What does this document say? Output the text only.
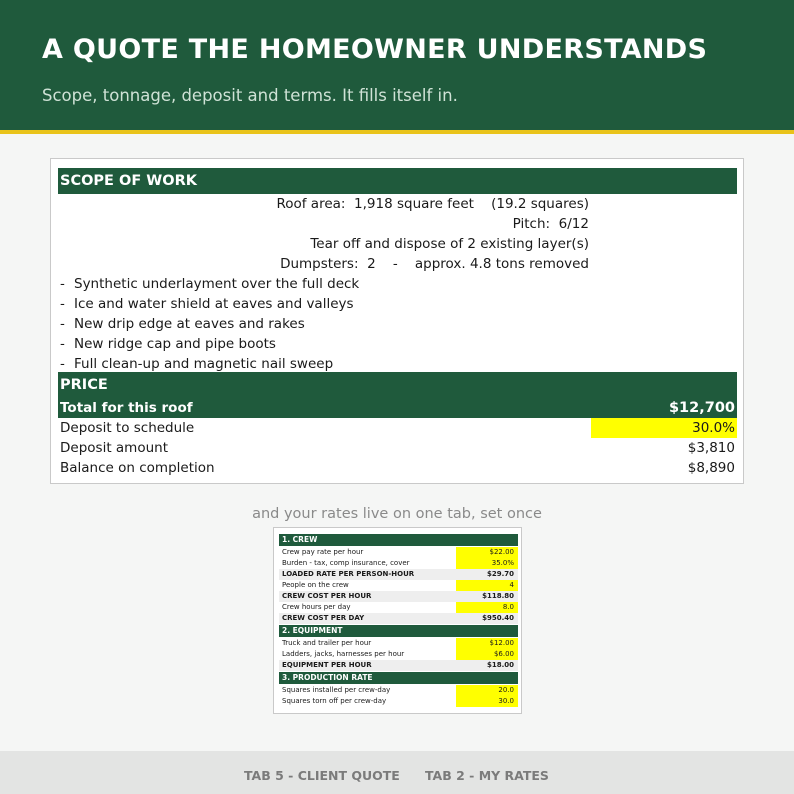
A QUOTE THE HOMEOWNER UNDERSTANDS
Scope, tonnage, deposit and terms. It fills itself in.
SCOPE OF WORK
Roof area:  1,918 square feet    (19.2 squares)
Pitch:  6/12
Tear off and dispose of 2 existing layer(s)
Dumpsters:  2    -    approx. 4.8 tons removed
- Synthetic underlayment over the full deck
- Ice and water shield at eaves and valleys
- New drip edge at eaves and rakes
- New ridge cap and pipe boots
- Full clean-up and magnetic nail sweep
PRICE
Total for this roof	$12,700
Deposit to schedule	30.0%
Deposit amount	$3,810
Balance on completion	$8,890
and your rates live on one tab, set once
1. CREW
Crew pay rate per hour	$22.00
Burden - tax, comp insurance, cover	35.0%
LOADED RATE PER PERSON-HOUR	$29.70
People on the crew	4
CREW COST PER HOUR	$118.80
Crew hours per day	8.0
CREW COST PER DAY	$950.40
2. EQUIPMENT
Truck and trailer per hour	$12.00
Ladders, jacks, harnesses per hour	$6.00
EQUIPMENT PER HOUR	$18.00
3. PRODUCTION RATE
Squares installed per crew-day	20.0
Squares torn off per crew-day	30.0
TAB 5 - CLIENT QUOTE TAB 2 - MY RATES
